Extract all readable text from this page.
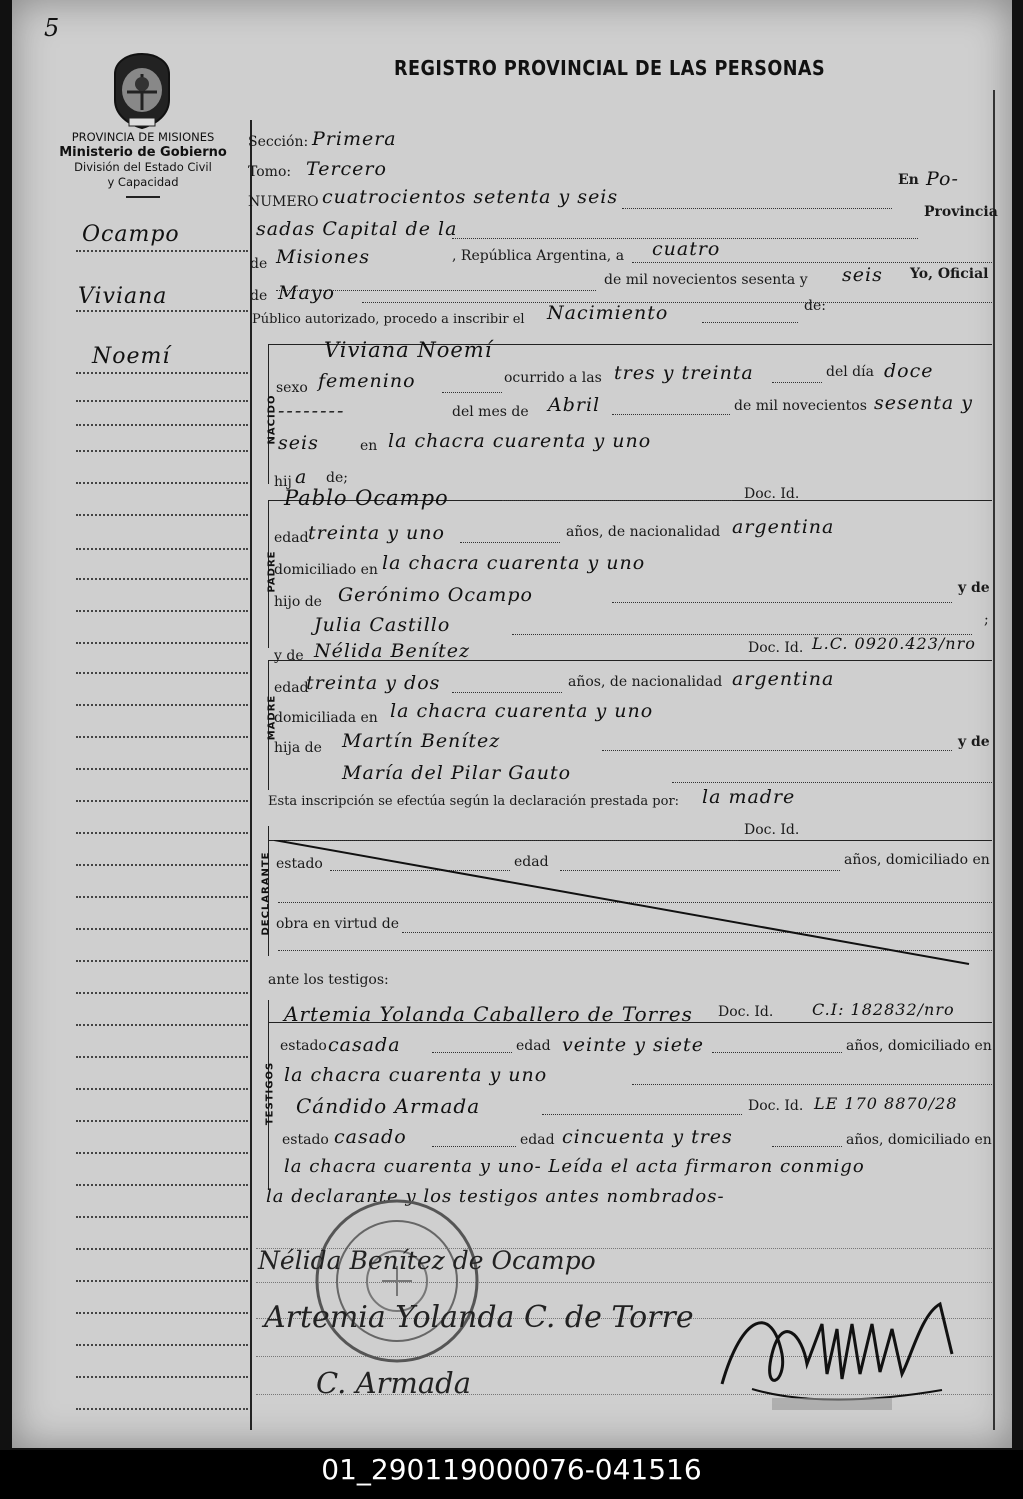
5
REGISTRO PROVINCIAL DE LAS PERSONAS
PROVINCIA DE MISIONES
Ministerio de Gobierno
División del Estado Civil
y Capacidad
Ocampo
Viviana
Noemí
Sección: Primera
Tomo: Tercero
NUMERO cuatrocientos setenta y seis
En Po-
sadas Capital de la
Provincia
de Misiones	, República Argentina, a cuatro
de mil novecientos sesenta y seis Yo, Oficial
de Mayo
Público autorizado, procedo a inscribir el Nacimiento	de:
NACIDO
Viviana Noemí
sexo femenino	ocurrido a las tres y treinta	del día doce
--------	del mes de Abril	de mil novecientos sesenta y
seis	en la chacra cuarenta y uno
hij a de;
PADRE
Pablo Ocampo	Doc. Id.
edad treinta y uno	años, de nacionalidad argentina
domiciliado en la chacra cuarenta y uno
hijo de Gerónimo Ocampo	y de
Julia Castillo	;
MADRE
y de Nélida Benítez	Doc. Id. L.C. 0920.423/nro
edad
treinta y dos	años, de nacionalidad argentina
domiciliada en la chacra cuarenta y uno
hija de Martín Benítez	y de
María del Pilar Gauto
Esta inscripción se efectúa según la declaración prestada por: la madre
DECLARANTE
Doc. Id.
estado	edad	años, domiciliado en
obra en virtud de
ante los testigos:
TESTIGOS
Artemia Yolanda Caballero de Torres Doc. Id. C.I: 182832/nro
estado casada	edad veinte y siete	años, domiciliado en
la chacra cuarenta y uno
Cándido Armada	Doc. Id. LE 170 8870/28
estado casado	edad cincuenta y tres	años, domiciliado en
la chacra cuarenta y uno- Leída el acta firmaron conmigo
la declarante y los testigos antes nombrados-
Nélida Benítez de Ocampo
Artemia Yolanda C. de Torre
C. Armada
01_290119000076-041516
